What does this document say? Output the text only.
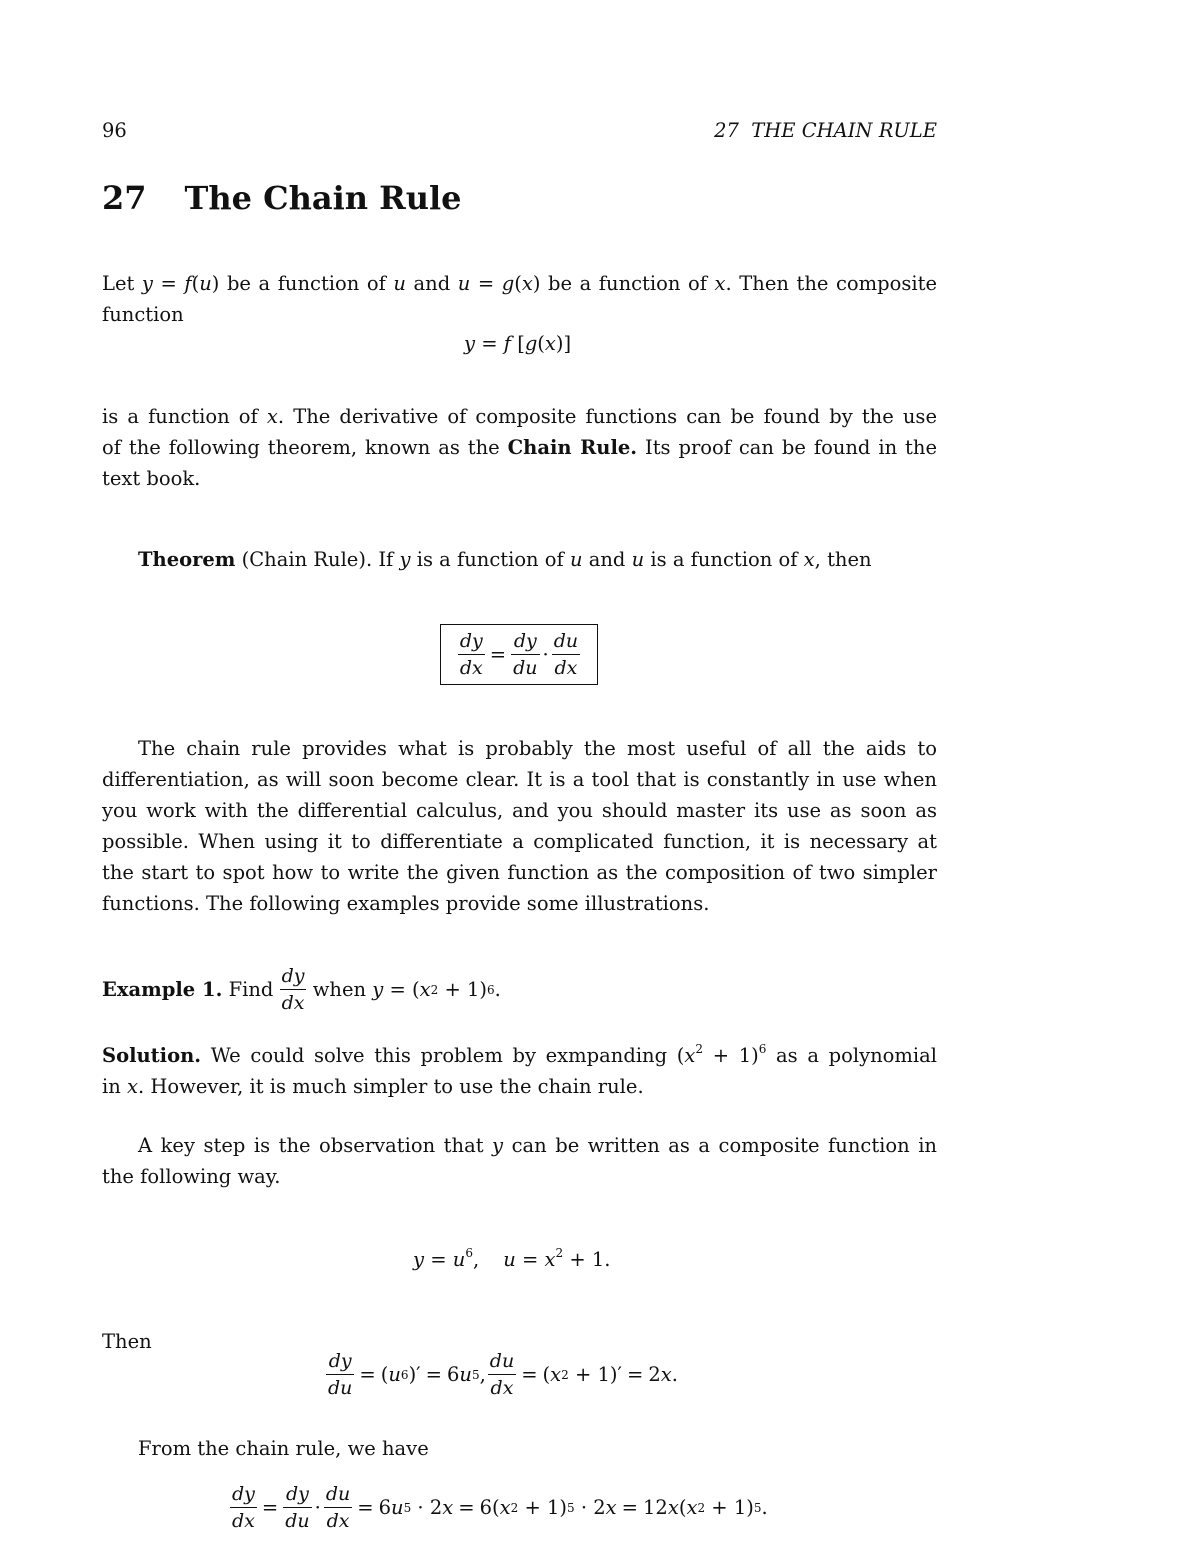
96	27  THE CHAIN RULE
27 The Chain Rule
Let y = f(u) be a function of u and u = g(x) be a function of x. Then the composite
function
y = f [g(x)]
is a function of x. The derivative of composite functions can be found by the use
of the following theorem, known as the Chain Rule. Its proof can be found in the
text book.
Theorem (Chain Rule). If y is a function of u and u is a function of x, then
$\frac{dy}{dx} = \frac{dy}{du} \cdot \frac{du}{dx}$
The chain rule provides what is probably the most useful of all the aids to
differentiation, as will soon become clear. It is a tool that is constantly in use when
you work with the differential calculus, and you should master its use as soon as
possible. When using it to differentiate a complicated function, it is necessary at
the start to spot how to write the given function as the composition of two simpler
functions. The following examples provide some illustrations.
Example 1.
Find
$\frac{dy}{dx}$
when
y = ( x 2 + 1) 6 .
Solution. We could solve this problem by exmpanding $(x^2 + 1)^6$ as a polynomial
in x. However, it is much simpler to use the chain rule.
A key step is the observation that y can be written as a composite function in
the following way.
$y = u^6$, $u = x^2 + 1$.
Then
$\frac{dy}{du}$ = ( u 6 )′ = 6 u 5 , $\frac{du}{dx}$ = ( x 2 + 1)′ = 2 x .
From the chain rule, we have
$\frac{dy}{dx} = \frac{dy}{du} \cdot \frac{du}{dx} = 6$ u 5 · 2 x = 6( x 2 + 1) 5 · 2 x = 12 x ( x 2 + 1) 5 .
